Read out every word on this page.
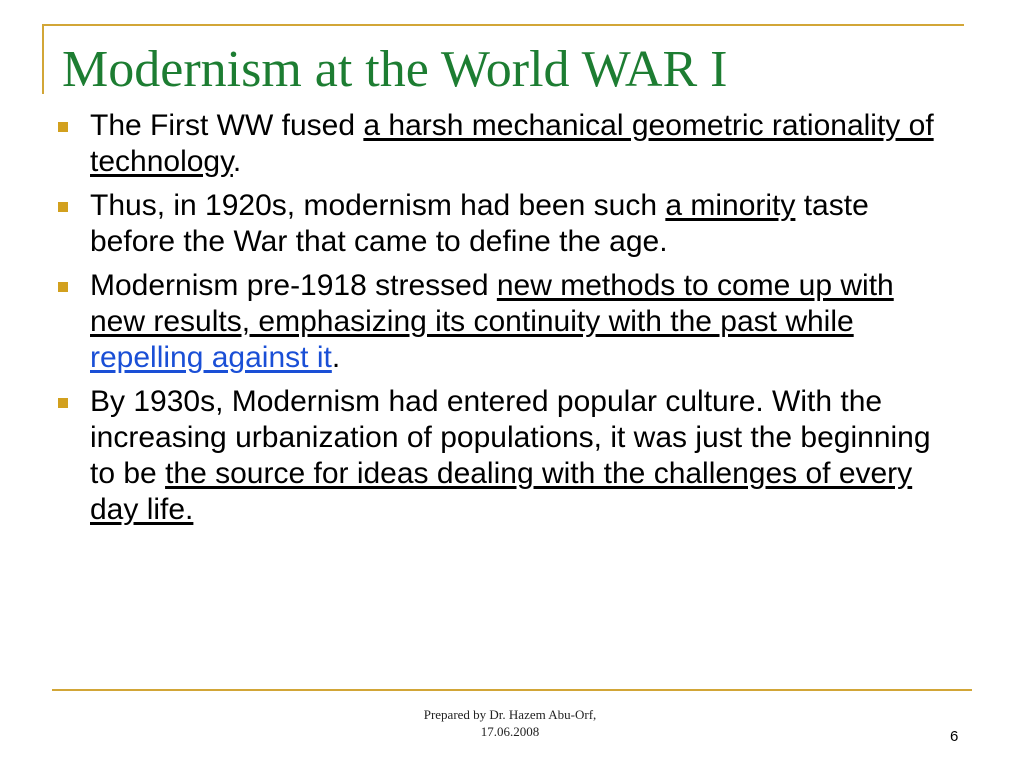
Modernism at the World WAR I
The First WW fused a harsh mechanical geometric rationality of technology.
Thus, in 1920s, modernism had been such a minority taste before the War that came to define the age.
Modernism pre-1918 stressed new methods to come up with new results, emphasizing its continuity with the past while repelling against it.
By 1930s, Modernism had entered popular culture. With the increasing urbanization of populations, it was just the beginning to be the source for ideas dealing with the challenges of every day life.
Prepared by Dr. Hazem Abu-Orf,
17.06.2008	6
